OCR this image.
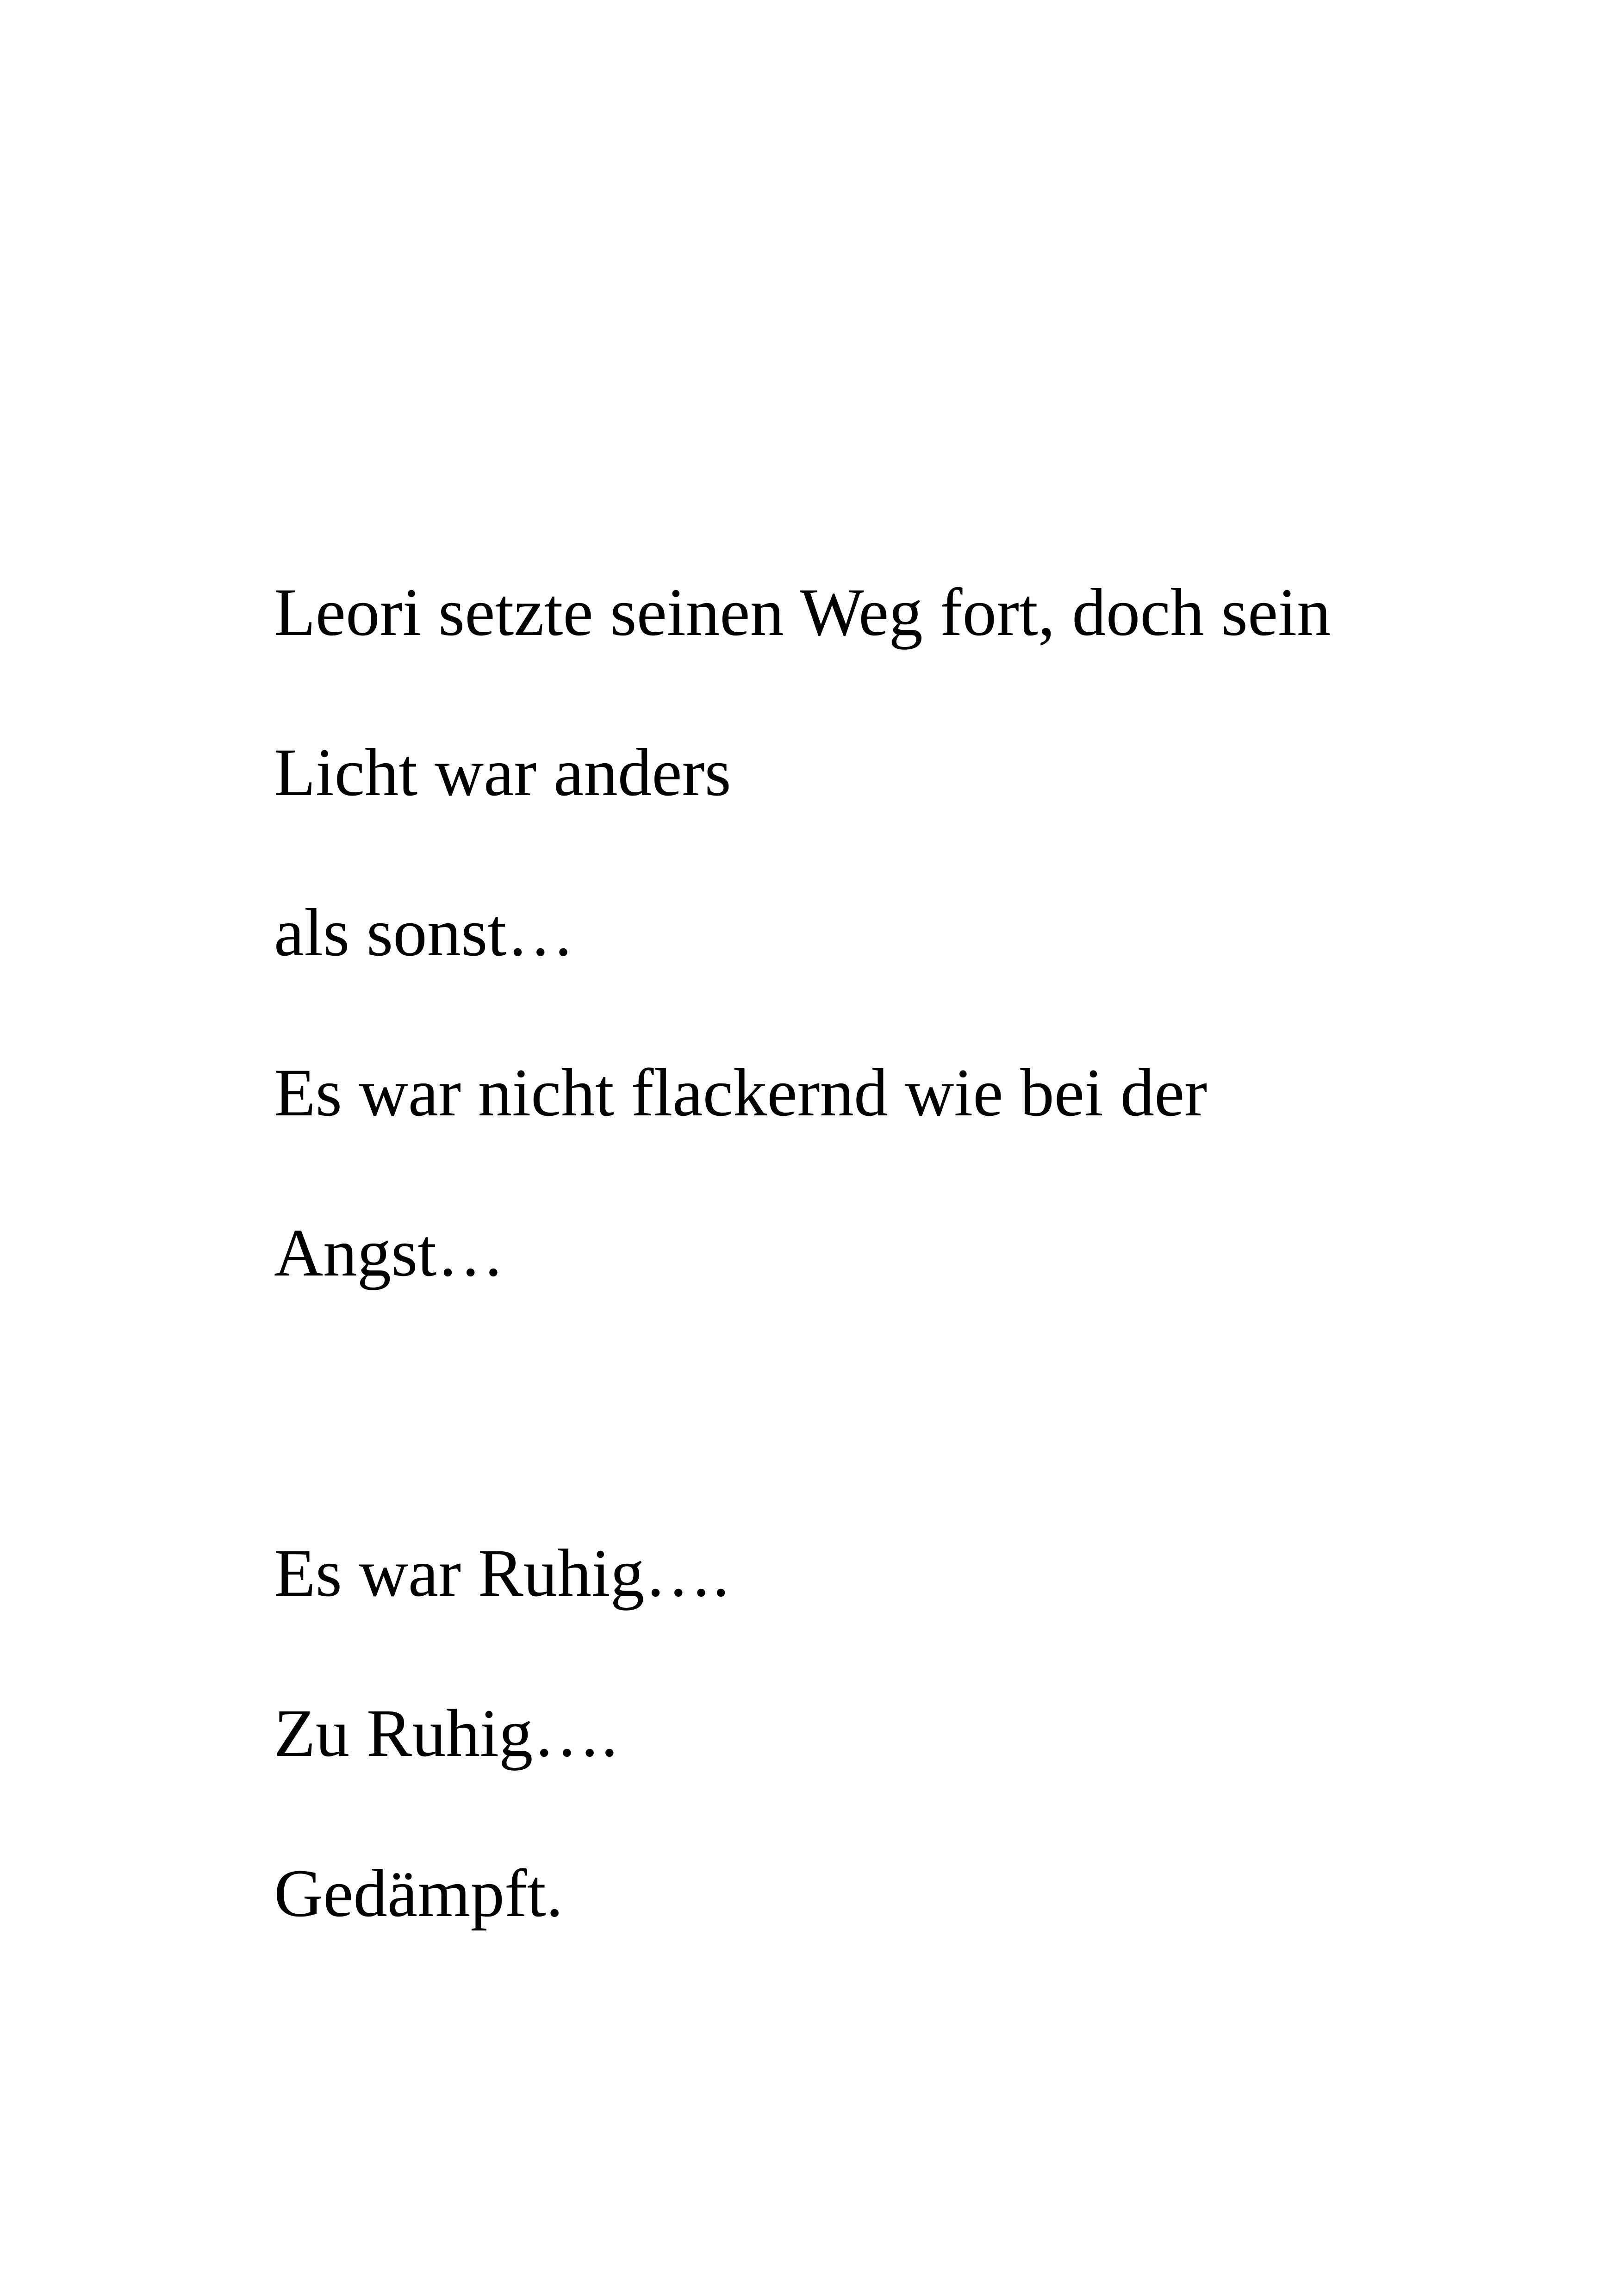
Leori setzte seinen Weg fort, doch sein

Licht war anders

als sonst…

Es war nicht flackernd wie bei der

Angst…

Es war Ruhig….

Zu Ruhig….

Gedämpft.
